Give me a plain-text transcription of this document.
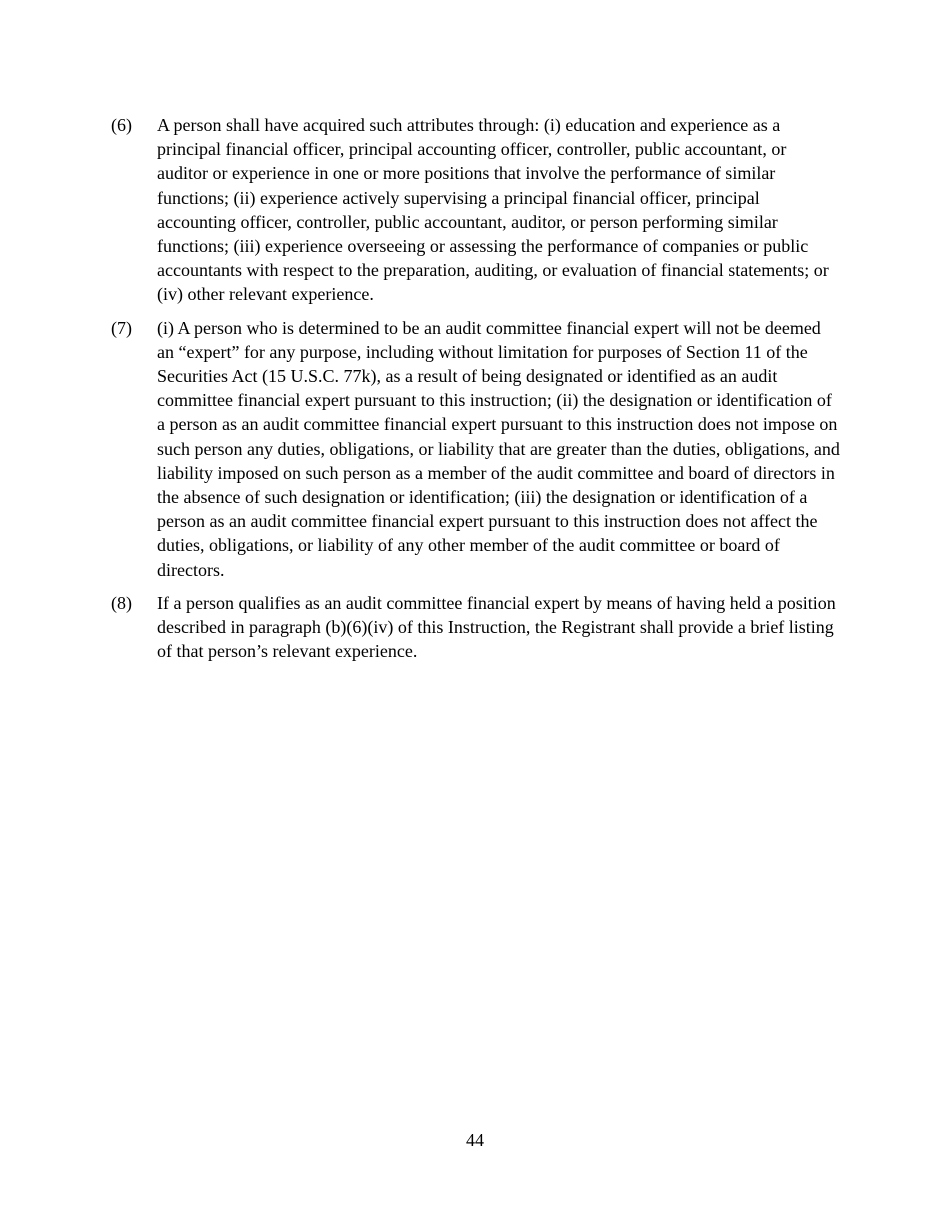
(6)	A person shall have acquired such attributes through: (i) education and experience as a principal financial officer, principal accounting officer, controller, public accountant, or auditor or experience in one or more positions that involve the performance of similar functions; (ii) experience actively supervising a principal financial officer, principal accounting officer, controller, public accountant, auditor, or person performing similar functions; (iii) experience overseeing or assessing the performance of companies or public accountants with respect to the preparation, auditing, or evaluation of financial statements; or (iv) other relevant experience.
(7)	(i) A person who is determined to be an audit committee financial expert will not be deemed an “expert” for any purpose, including without limitation for purposes of Section 11 of the Securities Act (15 U.S.C. 77k), as a result of being designated or identified as an audit committee financial expert pursuant to this instruction; (ii) the designation or identification of a person as an audit committee financial expert pursuant to this instruction does not impose on such person any duties, obligations, or liability that are greater than the duties, obligations, and liability imposed on such person as a member of the audit committee and board of directors in the absence of such designation or identification; (iii) the designation or identification of a person as an audit committee financial expert pursuant to this instruction does not affect the duties, obligations, or liability of any other member of the audit committee or board of directors.
(8)	If a person qualifies as an audit committee financial expert by means of having held a position described in paragraph (b)(6)(iv) of this Instruction, the Registrant shall provide a brief listing of that person’s relevant experience.
44
